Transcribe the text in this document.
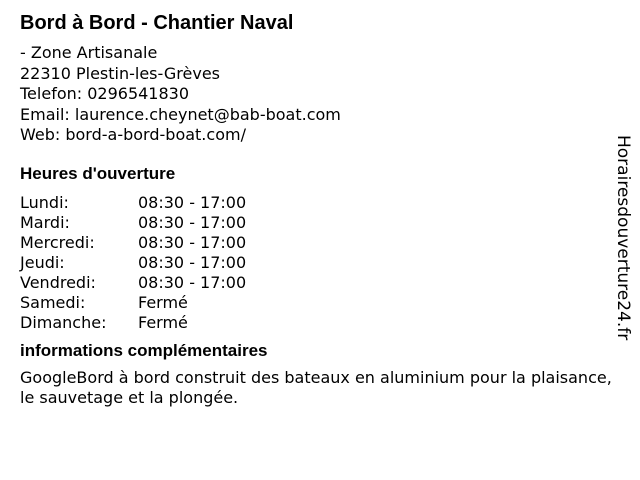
Bord à Bord - Chantier Naval
- Zone Artisanale
22310 Plestin-les-Grèves
Telefon: 0296541830
Email: laurence.cheynet@bab-boat.com
Web: bord-a-bord-boat.com/
Heures d'ouverture
Lundi:	08:30 - 17:00
Mardi:	08:30 - 17:00
Mercredi:	08:30 - 17:00
Jeudi:	08:30 - 17:00
Vendredi:	08:30 - 17:00
Samedi:	Fermé
Dimanche:	Fermé
informations complémentaires
GoogleBord à bord construit des bateaux en aluminium pour la plaisance, le sauvetage et la plongée.
Horairesdouverture24.fr
